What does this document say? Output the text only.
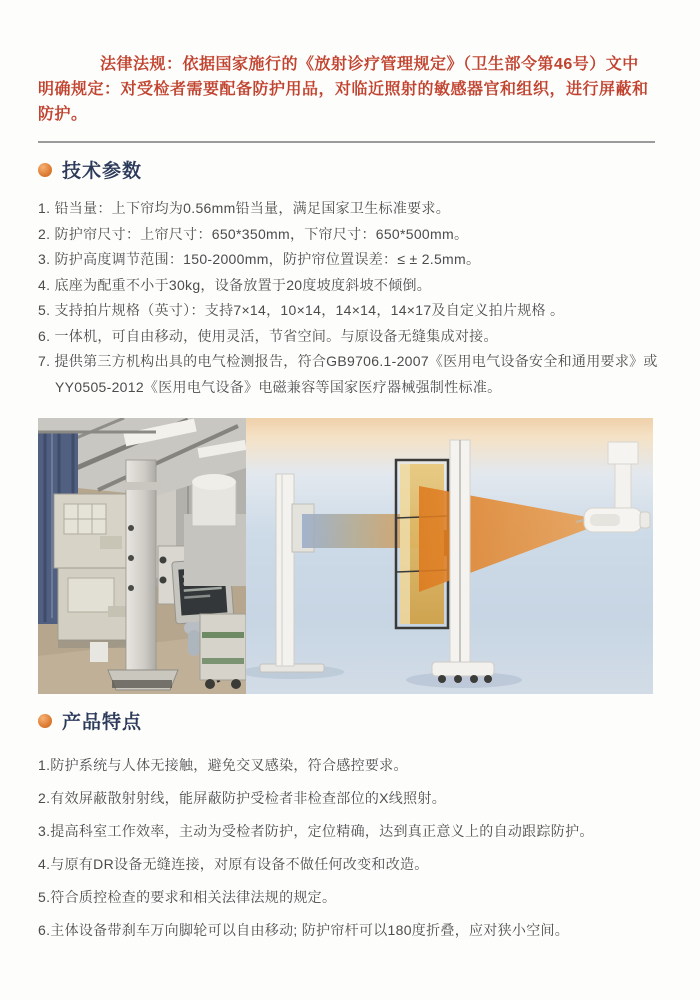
法律法规：依据国家施行的《放射诊疗管理规定》（卫生部令第46号）文中明确规定：对受检者需要配备防护用品，对临近照射的敏感器官和组织，进行屏蔽和防护。

技术参数
1. 铅当量：上下帘均为0.56mm铅当量，满足国家卫生标准要求。
2. 防护帘尺寸：上帘尺寸：650*350mm，下帘尺寸：650*500mm。
3. 防护高度调节范围：150-2000mm，防护帘位置误差：≤ ± 2.5mm。
4. 底座为配重不小于30kg，设备放置于20度坡度斜坡不倾倒。
5. 支持拍片规格（英寸）：支持7×14，10×14，14×14，14×17及自定义拍片规格 。
6. 一体机，可自由移动，使用灵活，节省空间。与原设备无缝集成对接。
7. 提供第三方机构出具的电气检测报告，符合GB9706.1-2007《医用电气设备安全和通用要求》或YY0505-2012《医用电气设备》电磁兼容等国家医疗器械强制性标准。
产品特点
1.防护系统与人体无接触，避免交叉感染，符合感控要求。
2.有效屏蔽散射射线，能屏蔽防护受检者非检查部位的X线照射。
3.提高科室工作效率，主动为受检者防护，定位精确，达到真正意义上的自动跟踪防护。
4.与原有DR设备无缝连接，对原有设备不做任何改变和改造。
5.符合质控检查的要求和相关法律法规的规定。
6.主体设备带刹车万向脚轮可以自由移动; 防护帘杆可以180度折叠，应对狭小空间。
